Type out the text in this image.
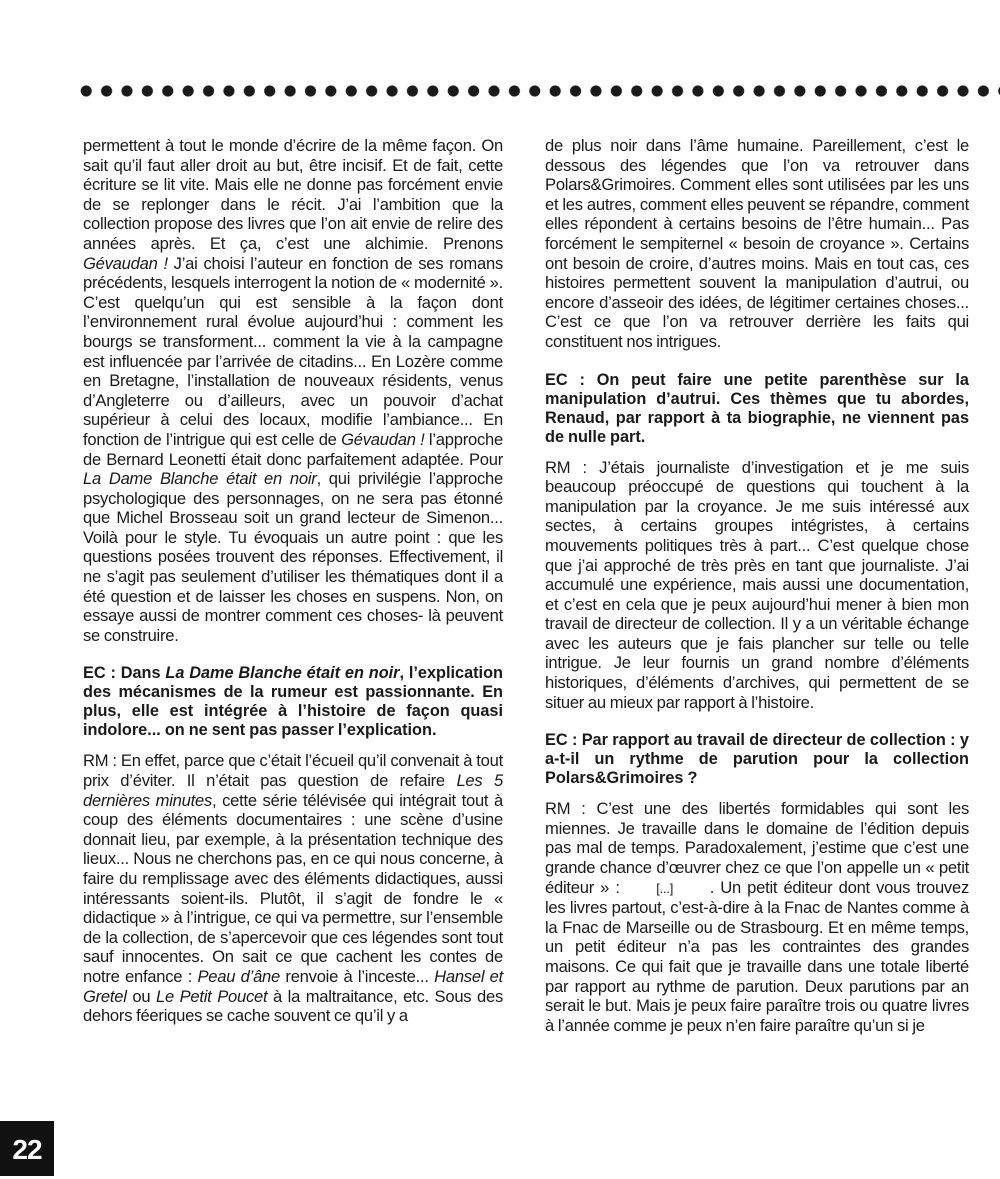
permettent à tout le monde d’écrire de la même façon. On sait qu’il faut aller droit au but, être incisif. Et de fait, cette écriture se lit vite. Mais elle ne donne pas forcément envie de se replonger dans le récit. J’ai l’ambition que la collection propose des livres que l’on ait envie de relire des années après. Et ça, c’est une alchimie. Prenons Gévaudan ! J’ai choisi l’auteur en fonction de ses romans précédents, lesquels interrogent la notion de « modernité ». C’est quelqu’un qui est sensible à la façon dont l’environnement rural évolue aujourd’hui : comment les bourgs se transforment... comment la vie à la campagne est influencée par l’arrivée de citadins... En Lozère comme en Bretagne, l’installation de nouveaux résidents, venus d’Angleterre ou d’ailleurs, avec un pouvoir d’achat supérieur à celui des locaux, modifie l’ambiance... En fonction de l’intrigue qui est celle de Gévaudan ! l’approche de Bernard Leonetti était donc parfaitement adaptée. Pour La Dame Blanche était en noir, qui privilégie l’approche psychologique des personnages, on ne sera pas étonné que Michel Brosseau soit un grand lecteur de Simenon... Voilà pour le style. Tu évoquais un autre point : que les questions posées trouvent des réponses. Effectivement, il ne s’agit pas seulement d’utiliser les thématiques dont il a été question et de laisser les choses en suspens. Non, on essaye aussi de montrer comment ces choses- là peuvent se construire.

EC : Dans La Dame Blanche était en noir, l’explication des mécanismes de la rumeur est passionnante. En plus, elle est intégrée à l’histoire de façon quasi indolore... on ne sent pas passer l’explication.

RM : En effet, parce que c’était l’écueil qu’il convenait à tout prix d’éviter. Il n’était pas question de refaire Les 5 dernières minutes, cette série télévisée qui intégrait tout à coup des éléments documentaires : une scène d’usine donnait lieu, par exemple, à la présentation technique des lieux... Nous ne cherchons pas, en ce qui nous concerne, à faire du remplissage avec des éléments didactiques, aussi intéressants soient-ils. Plutôt, il s’agit de fondre le « didactique » à l’intrigue, ce qui va permettre, sur l’ensemble de la collection, de s’apercevoir que ces légendes sont tout sauf innocentes. On sait ce que cachent les contes de notre enfance : Peau d’âne renvoie à l’inceste... Hansel et Gretel ou Le Petit Poucet à la maltraitance, etc. Sous des dehors féeriques se cache souvent ce qu’il y a

de plus noir dans l’âme humaine. Pareillement, c’est le dessous des légendes que l’on va retrouver dans Polars&Grimoires. Comment elles sont utilisées par les uns et les autres, comment elles peuvent se répandre, comment elles répondent à certains besoins de l’être humain... Pas forcément le sempiternel « besoin de croyance ». Certains ont besoin de croire, d’autres moins. Mais en tout cas, ces histoires permettent souvent la manipulation d’autrui, ou encore d’asseoir des idées, de légitimer certaines choses... C’est ce que l’on va retrouver derrière les faits qui constituent nos intrigues.

EC : On peut faire une petite parenthèse sur la manipulation d’autrui. Ces thèmes que tu abordes, Renaud, par rapport à ta biographie, ne viennent pas de nulle part.

RM : J’étais journaliste d’investigation et je me suis beaucoup préoccupé de questions qui touchent à la manipulation par la croyance. Je me suis intéressé aux sectes, à certains groupes intégristes, à certains mouvements politiques très à part... C’est quelque chose que j’ai approché de très près en tant que journaliste. J’ai accumulé une expérience, mais aussi une documentation, et c’est en cela que je peux aujourd’hui mener à bien mon travail de directeur de collection. Il y a un véritable échange avec les auteurs que je fais plancher sur telle ou telle intrigue. Je leur fournis un grand nombre d’éléments historiques, d’éléments d’archives, qui permettent de se situer au mieux par rapport à l’histoire.

EC : Par rapport au travail de directeur de collection : y a-t-il un rythme de parution pour la collection Polars&Grimoires ?

RM : C’est une des libertés formidables qui sont les miennes. Je travaille dans le domaine de l’édition depuis pas mal de temps. Paradoxalement, j’estime que c’est une grande chance d’œuvrer chez ce que l’on appelle un « petit éditeur » :	[...] . Un petit éditeur dont vous trouvez les livres partout, c’est-à-dire à la Fnac de Nantes comme à la Fnac de Marseille ou de Strasbourg. Et en même temps, un petit éditeur n’a pas les contraintes des grandes maisons. Ce qui fait que je travaille dans une totale liberté par rapport au rythme de parution. Deux parutions par an serait le but. Mais je peux faire paraître trois ou quatre livres à l’année comme je peux n’en faire paraître qu’un si je

22
